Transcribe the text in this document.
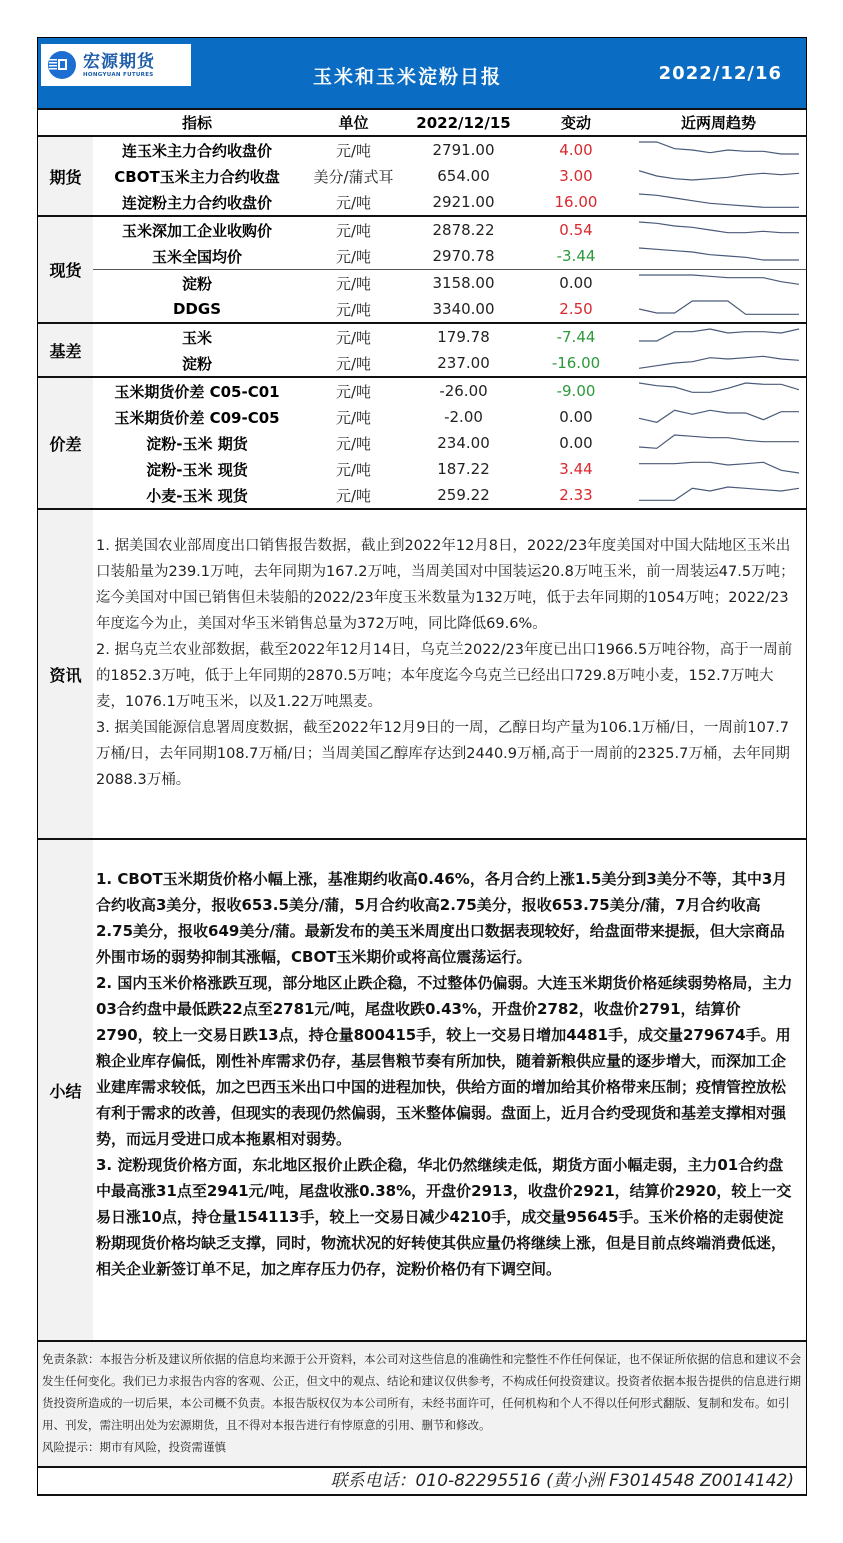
宏源期货
HONGYUAN FUTURES	玉米和玉米淀粉日报	2022/12/16
	指标	单位	2022/12/15	变动	近两周趋势
期货	连玉米主力合约收盘价	元/吨	2791.00	4.00	

	CBOT玉米主力合约收盘	美分/蒲式耳	654.00	3.00	

	连淀粉主力合约收盘价	元/吨	2921.00	16.00	

现货	玉米深加工企业收购价	元/吨	2878.22	0.54	

	玉米全国均价	元/吨	2970.78	-3.44	

	淀粉	元/吨	3158.00	0.00	

	DDGS	元/吨	3340.00	2.50	

基差	玉米	元/吨	179.78	-7.44	

	淀粉	元/吨	237.00	-16.00	

价差	玉米期货价差 C05-C01	元/吨	-26.00	-9.00	

	玉米期货价差 C09-C05	元/吨	-2.00	0.00	

	淀粉-玉米 期货	元/吨	234.00	0.00	

	淀粉-玉米 现货	元/吨	187.22	3.44	

	小麦-玉米 现货	元/吨	259.22	2.33	
资讯

1. 据美国农业部周度出口销售报告数据，截止到2022年12月8日，2022/23年度美国对中国大陆地区玉米出口装船量为239.1万吨，去年同期为167.2万吨，当周美国对中国装运20.8万吨玉米，前一周装运47.5万吨；迄今美国对中国已销售但未装船的2022/23年度玉米数量为132万吨，低于去年同期的1054万吨；2022/23年度迄今为止，美国对华玉米销售总量为372万吨，同比降低69.6%。

2. 据乌克兰农业部数据，截至2022年12月14日，乌克兰2022/23年度已出口1966.5万吨谷物，高于一周前的1852.3万吨，低于上年同期的2870.5万吨；本年度迄今乌克兰已经出口729.8万吨小麦，152.7万吨大麦，1076.1万吨玉米，以及1.22万吨黑麦。

3. 据美国能源信息署周度数据，截至2022年12月9日的一周，乙醇日均产量为106.1万桶/日，一周前107.7万桶/日，去年同期108.7万桶/日；当周美国乙醇库存达到2440.9万桶,高于一周前的2325.7万桶，去年同期2088.3万桶。

小结

1. CBOT玉米期货价格小幅上涨，基准期约收高0.46%，各月合约上涨1.5美分到3美分不等，其中3月合约收高3美分，报收653.5美分/蒲，5月合约收高2.75美分，报收653.75美分/蒲，7月合约收高2.75美分，报收649美分/蒲。最新发布的美玉米周度出口数据表现较好，给盘面带来提振，但大宗商品外围市场的弱势抑制其涨幅，CBOT玉米期价或将高位震荡运行。

2. 国内玉米价格涨跌互现，部分地区止跌企稳，不过整体仍偏弱。大连玉米期货价格延续弱势格局，主力03合约盘中最低跌22点至2781元/吨，尾盘收跌0.43%，开盘价2782，收盘价2791，结算价2790，较上一交易日跌13点，持仓量800415手，较上一交易日增加4481手，成交量279674手。用粮企业库存偏低，刚性补库需求仍存，基层售粮节奏有所加快，随着新粮供应量的逐步增大，而深加工企业建库需求较低，加之巴西玉米出口中国的进程加快，供给方面的增加给其价格带来压制；疫情管控放松有利于需求的改善，但现实的表现仍然偏弱，玉米整体偏弱。盘面上，近月合约受现货和基差支撑相对强势，而远月受进口成本拖累相对弱势。

3. 淀粉现货价格方面，东北地区报价止跌企稳，华北仍然继续走低，期货方面小幅走弱，主力01合约盘中最高涨31点至2941元/吨，尾盘收涨0.38%，开盘价2913，收盘价2921，结算价2920，较上一交易日涨10点，持仓量154113手，较上一交易日减少4210手，成交量95645手。玉米价格的走弱使淀粉期现货价格均缺乏支撑，同时，物流状况的好转使其供应量仍将继续上涨，但是目前点终端消费低迷，相关企业新签订单不足，加之库存压力仍存，淀粉价格仍有下调空间。

免责条款：本报告分析及建议所依据的信息均来源于公开资料，本公司对这些信息的准确性和完整性不作任何保证，也不保证所依据的信息和建议不会发生任何变化。我们已力求报告内容的客观、公正，但文中的观点、结论和建议仅供参考，不构成任何投资建议。投资者依据本报告提供的信息进行期货投资所造成的一切后果，本公司概不负责。本报告版权仅为本公司所有，未经书面许可，任何机构和个人不得以任何形式翻版、复制和发布。如引用、刊发，需注明出处为宏源期货，且不得对本报告进行有悖原意的引用、删节和修改。

风险提示：期市有风险，投资需谨慎

联系电话：010-82295516 (黄小洲 F3014548 Z0014142)
